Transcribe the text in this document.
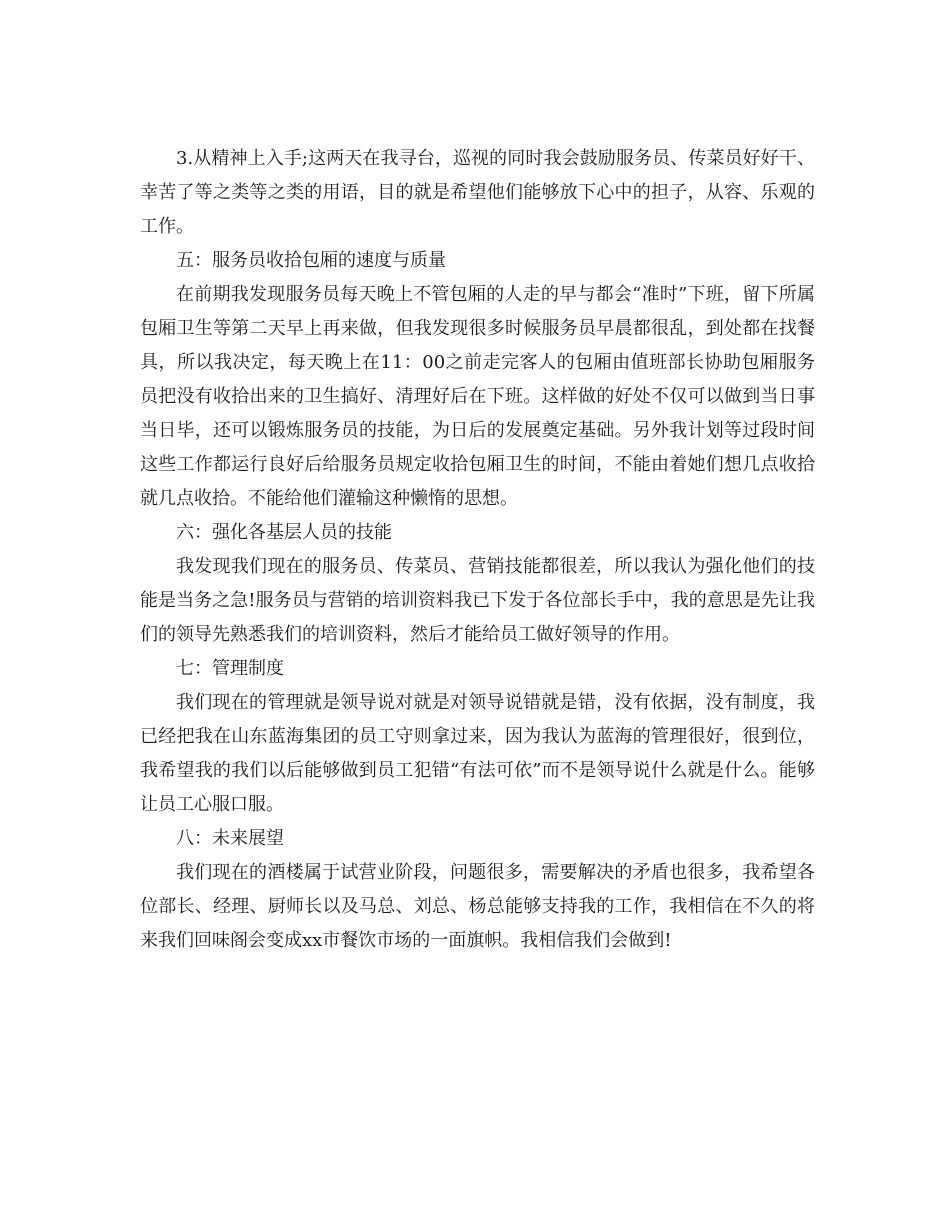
3.从精神上入手;这两天在我寻台，巡视的同时我会鼓励服务员、传菜员好好干、幸苦了等之类等之类的用语，目的就是希望他们能够放下心中的担子，从容、乐观的工作。

五：服务员收拾包厢的速度与质量

在前期我发现服务员每天晚上不管包厢的人走的早与都会“准时”下班，留下所属包厢卫生等第二天早上再来做，但我发现很多时候服务员早晨都很乱，到处都在找餐具，所以我决定，每天晚上在11：00之前走完客人的包厢由值班部长协助包厢服务员把没有收拾出来的卫生搞好、清理好后在下班。这样做的好处不仅可以做到当日事当日毕，还可以锻炼服务员的技能，为日后的发展奠定基础。另外我计划等过段时间这些工作都运行良好后给服务员规定收拾包厢卫生的时间，不能由着她们想几点收拾就几点收拾。不能给他们灌输这种懒惰的思想。

六：强化各基层人员的技能

我发现我们现在的服务员、传菜员、营销技能都很差，所以我认为强化他们的技能是当务之急!服务员与营销的培训资料我已下发于各位部长手中，我的意思是先让我们的领导先熟悉我们的培训资料，然后才能给员工做好领导的作用。

七：管理制度

我们现在的管理就是领导说对就是对领导说错就是错，没有依据，没有制度，我已经把我在山东蓝海集团的员工守则拿过来，因为我认为蓝海的管理很好，很到位，我希望我的我们以后能够做到员工犯错“有法可依”而不是领导说什么就是什么。能够让员工心服口服。

八：未来展望

我们现在的酒楼属于试营业阶段，问题很多，需要解决的矛盾也很多，我希望各位部长、经理、厨师长以及马总、刘总、杨总能够支持我的工作，我相信在不久的将来我们回味阁会变成xx市餐饮市场的一面旗帜。我相信我们会做到!
